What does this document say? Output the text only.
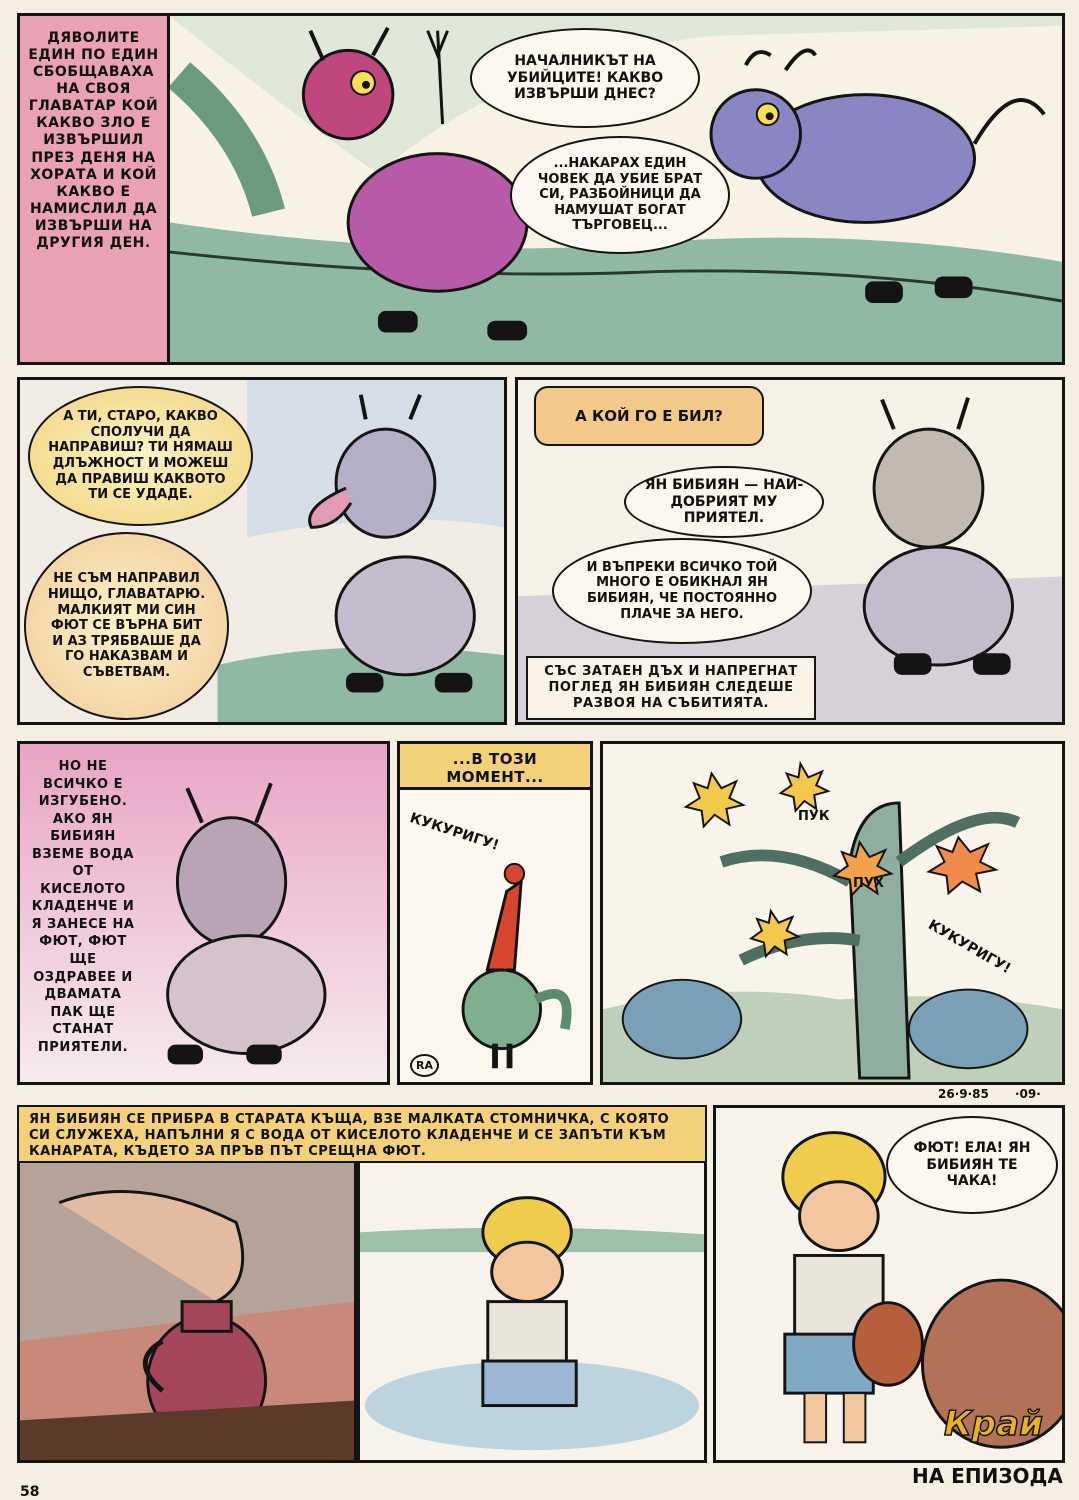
ДЯВОЛИТЕ ЕДИН ПО ЕДИН СБОБЩАВАХА НА СВОЯ ГЛАВАТАР КОЙ КАКВО ЗЛО Е ИЗВЪРШИЛ ПРЕЗ ДЕНЯ НА ХОРАТА И КОЙ КАКВО Е НАМИСЛИЛ ДА ИЗВЪРШИ НА ДРУГИЯ ДЕН.
НАЧАЛНИКЪТ НА УБИЙЦИТЕ! КАКВО ИЗВЪРШИ ДНЕС?
...НАКАРАХ ЕДИН ЧОВЕК ДА УБИЕ БРАТ СИ, РАЗБОЙНИЦИ ДА НАМУШАТ БОГАТ ТЪРГОВЕЦ...
А ТИ, СТАРО, КАКВО СПОЛУЧИ ДА НАПРАВИШ? ТИ НЯМАШ ДЛЪЖНОСТ И МОЖЕШ ДА ПРАВИШ КАКВОТО ТИ СЕ УДАДЕ.
НЕ СЪМ НАПРАВИЛ НИЩО, ГЛАВАТАРЮ. МАЛКИЯТ МИ СИН ФЮТ СЕ ВЪРНА БИТ И АЗ ТРЯБВАШЕ ДА ГО НАКАЗВАМ И СЪВЕТВАМ.
А КОЙ ГО Е БИЛ?
ЯН БИБИЯН — НАЙ-ДОБРИЯТ МУ ПРИЯТЕЛ.
И ВЪПРЕКИ ВСИЧКО ТОЙ МНОГО Е ОБИКНАЛ ЯН БИБИЯН, ЧЕ ПОСТОЯННО ПЛАЧЕ ЗА НЕГО.
СЪС ЗАТАЕН ДЪХ И НАПРЕГНАТ ПОГЛЕД ЯН БИБИЯН СЛЕДЕШЕ РАЗВОЯ НА СЪБИТИЯТА.
НО НЕ ВСИЧКО Е ИЗГУБЕНО. АКО ЯН БИБИЯН ВЗЕМЕ ВОДА ОТ КИСЕЛОТО КЛАДЕНЧЕ И Я ЗАНЕСЕ НА ФЮТ, ФЮТ ЩЕ ОЗДРАВЕЕ И ДВАМАТА ПАК ЩЕ СТАНАТ ПРИЯТЕЛИ.
...В ТОЗИ МОМЕНТ...
КУКУРИГУ!
RA
ПУК
ПУХ
КУКУРИГУ!
26·9·85 ·09·
ЯН БИБИЯН СЕ ПРИБРА В СТАРАТА КЪЩА, ВЗЕ МАЛКАТА СТОМНИЧКА, С КОЯТО СИ СЛУЖЕХА, НАПЪЛНИ Я С ВОДА ОТ КИСЕЛОТО КЛАДЕНЧЕ И СЕ ЗАПЪТИ КЪМ КАНАРАТА, КЪДЕТО ЗА ПРЪВ ПЪТ СРЕЩНА ФЮТ.	ФЮТ! ЕЛА! ЯН БИБИЯН ТЕ ЧАКА!
Край
НА ЕПИЗОДА
58
